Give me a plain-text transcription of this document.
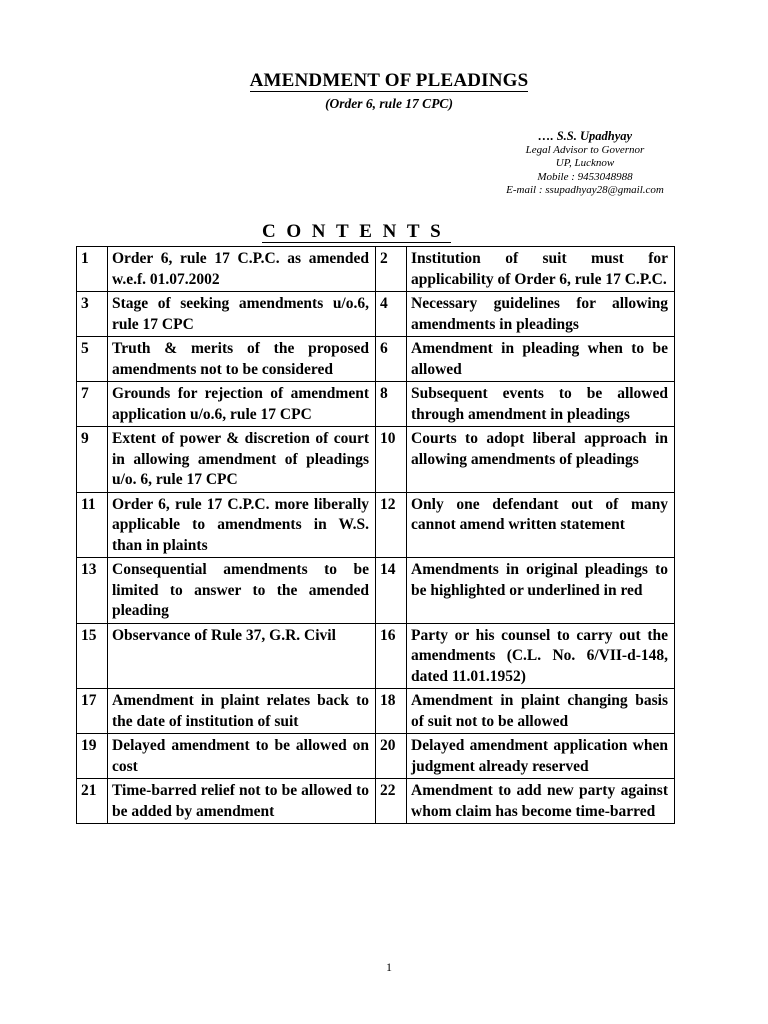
AMENDMENT OF PLEADINGS
(Order 6, rule 17 CPC)
…. S.S. Upadhyay
Legal Advisor to Governor
UP, Lucknow
Mobile : 9453048988
E-mail : ssupadhyay28@gmail.com
CONTENTS
1	Order 6, rule 17 C.P.C. as amended w.e.f. 01.07.2002	2	Institution of suit must for applicability of Order 6, rule 17 C.P.C.
3	Stage of seeking amendments u/o.6, rule 17 CPC	4	Necessary guidelines for allowing amendments in pleadings
5	Truth & merits of the proposed amendments not to be considered	6	Amendment in pleading when to be allowed
7	Grounds for rejection of amendment application u/o.6, rule 17 CPC	8	Subsequent events to be allowed through amendment in pleadings
9	Extent of power & discretion of court in allowing amendment of pleadings u/o. 6, rule 17 CPC	10	Courts to adopt liberal approach in allowing amendments of pleadings
11	Order 6, rule 17 C.P.C. more liberally applicable to amendments in W.S. than in plaints	12	Only one defendant out of many cannot amend written statement
13	Consequential amendments to be limited to answer to the amended pleading	14	Amendments in original pleadings to be highlighted or underlined in red
15	Observance of Rule 37, G.R. Civil	16	Party or his counsel to carry out the amendments (C.L. No. 6/VII-d-148, dated 11.01.1952)
17	Amendment in plaint relates back to the date of institution of suit	18	Amendment in plaint changing basis of suit not to be allowed
19	Delayed amendment to be allowed on cost	20	Delayed amendment application when judgment already reserved
21	Time-barred relief not to be allowed to be added by amendment	22	Amendment to add new party against whom claim has become time-barred
1
